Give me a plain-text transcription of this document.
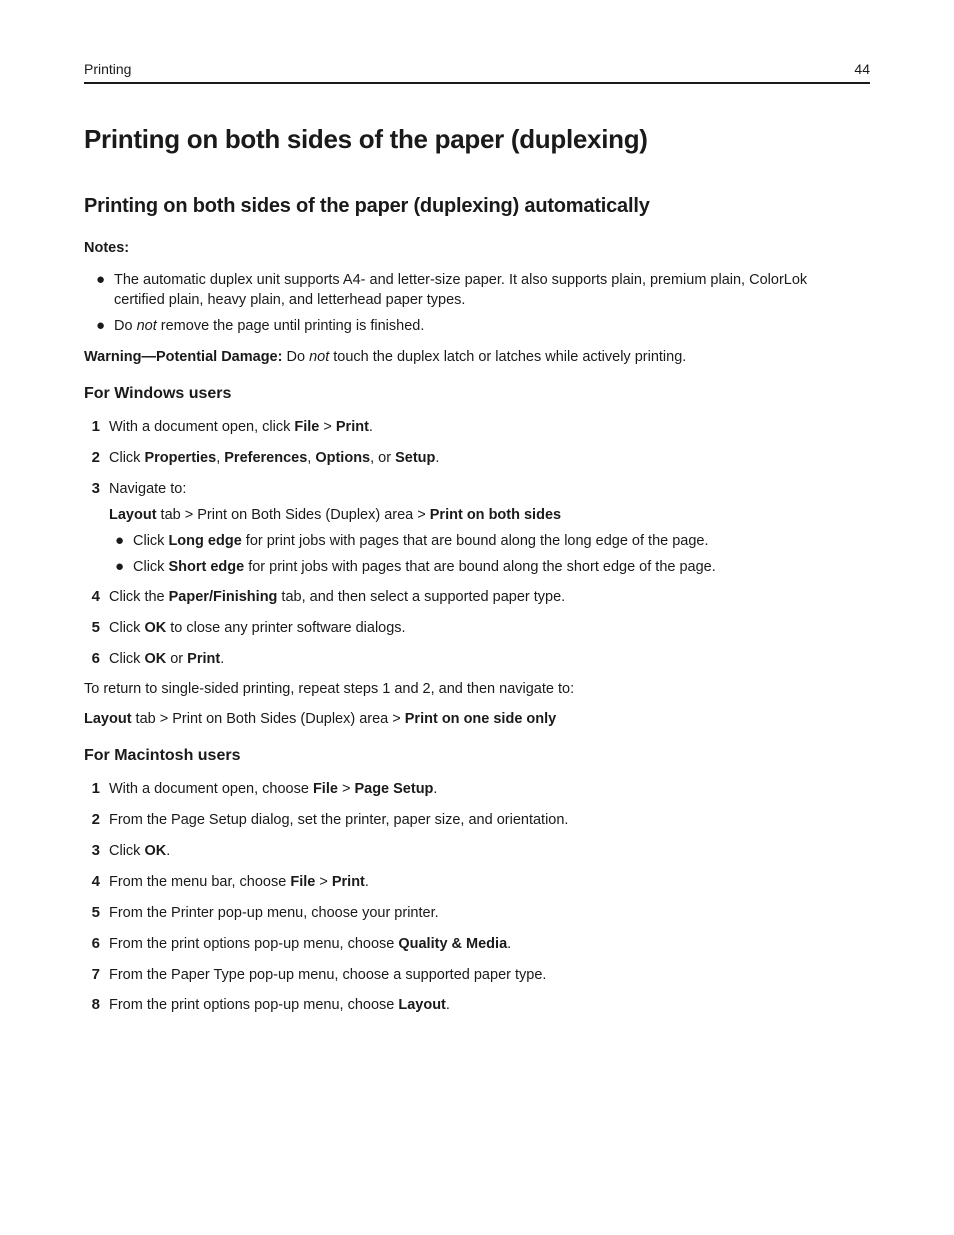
Printing	44
Printing on both sides of the paper (duplexing)
Printing on both sides of the paper (duplexing) automatically
Notes:
● The automatic duplex unit supports A4‑ and letter‑size paper. It also supports plain, premium plain, ColorLok
certified plain, heavy plain, and letterhead paper types.
● Do not remove the page until printing is finished.
Warning—Potential Damage: Do not touch the duplex latch or latches while actively printing.
For Windows users
1 With a document open, click File > Print.
2 Click Properties, Preferences, Options, or Setup.
3 Navigate to:
Layout tab > Print on Both Sides (Duplex) area > Print on both sides
● Click Long edge for print jobs with pages that are bound along the long edge of the page.
● Click Short edge for print jobs with pages that are bound along the short edge of the page.
4 Click the Paper/Finishing tab, and then select a supported paper type.
5 Click OK to close any printer software dialogs.
6 Click OK or Print.
To return to single‑sided printing, repeat steps 1 and 2, and then navigate to:
Layout tab > Print on Both Sides (Duplex) area > Print on one side only
For Macintosh users
1 With a document open, choose File > Page Setup.
2 From the Page Setup dialog, set the printer, paper size, and orientation.
3 Click OK.
4 From the menu bar, choose File > Print.
5 From the Printer pop‑up menu, choose your printer.
6 From the print options pop‑up menu, choose Quality & Media.
7 From the Paper Type pop‑up menu, choose a supported paper type.
8 From the print options pop‑up menu, choose Layout.
